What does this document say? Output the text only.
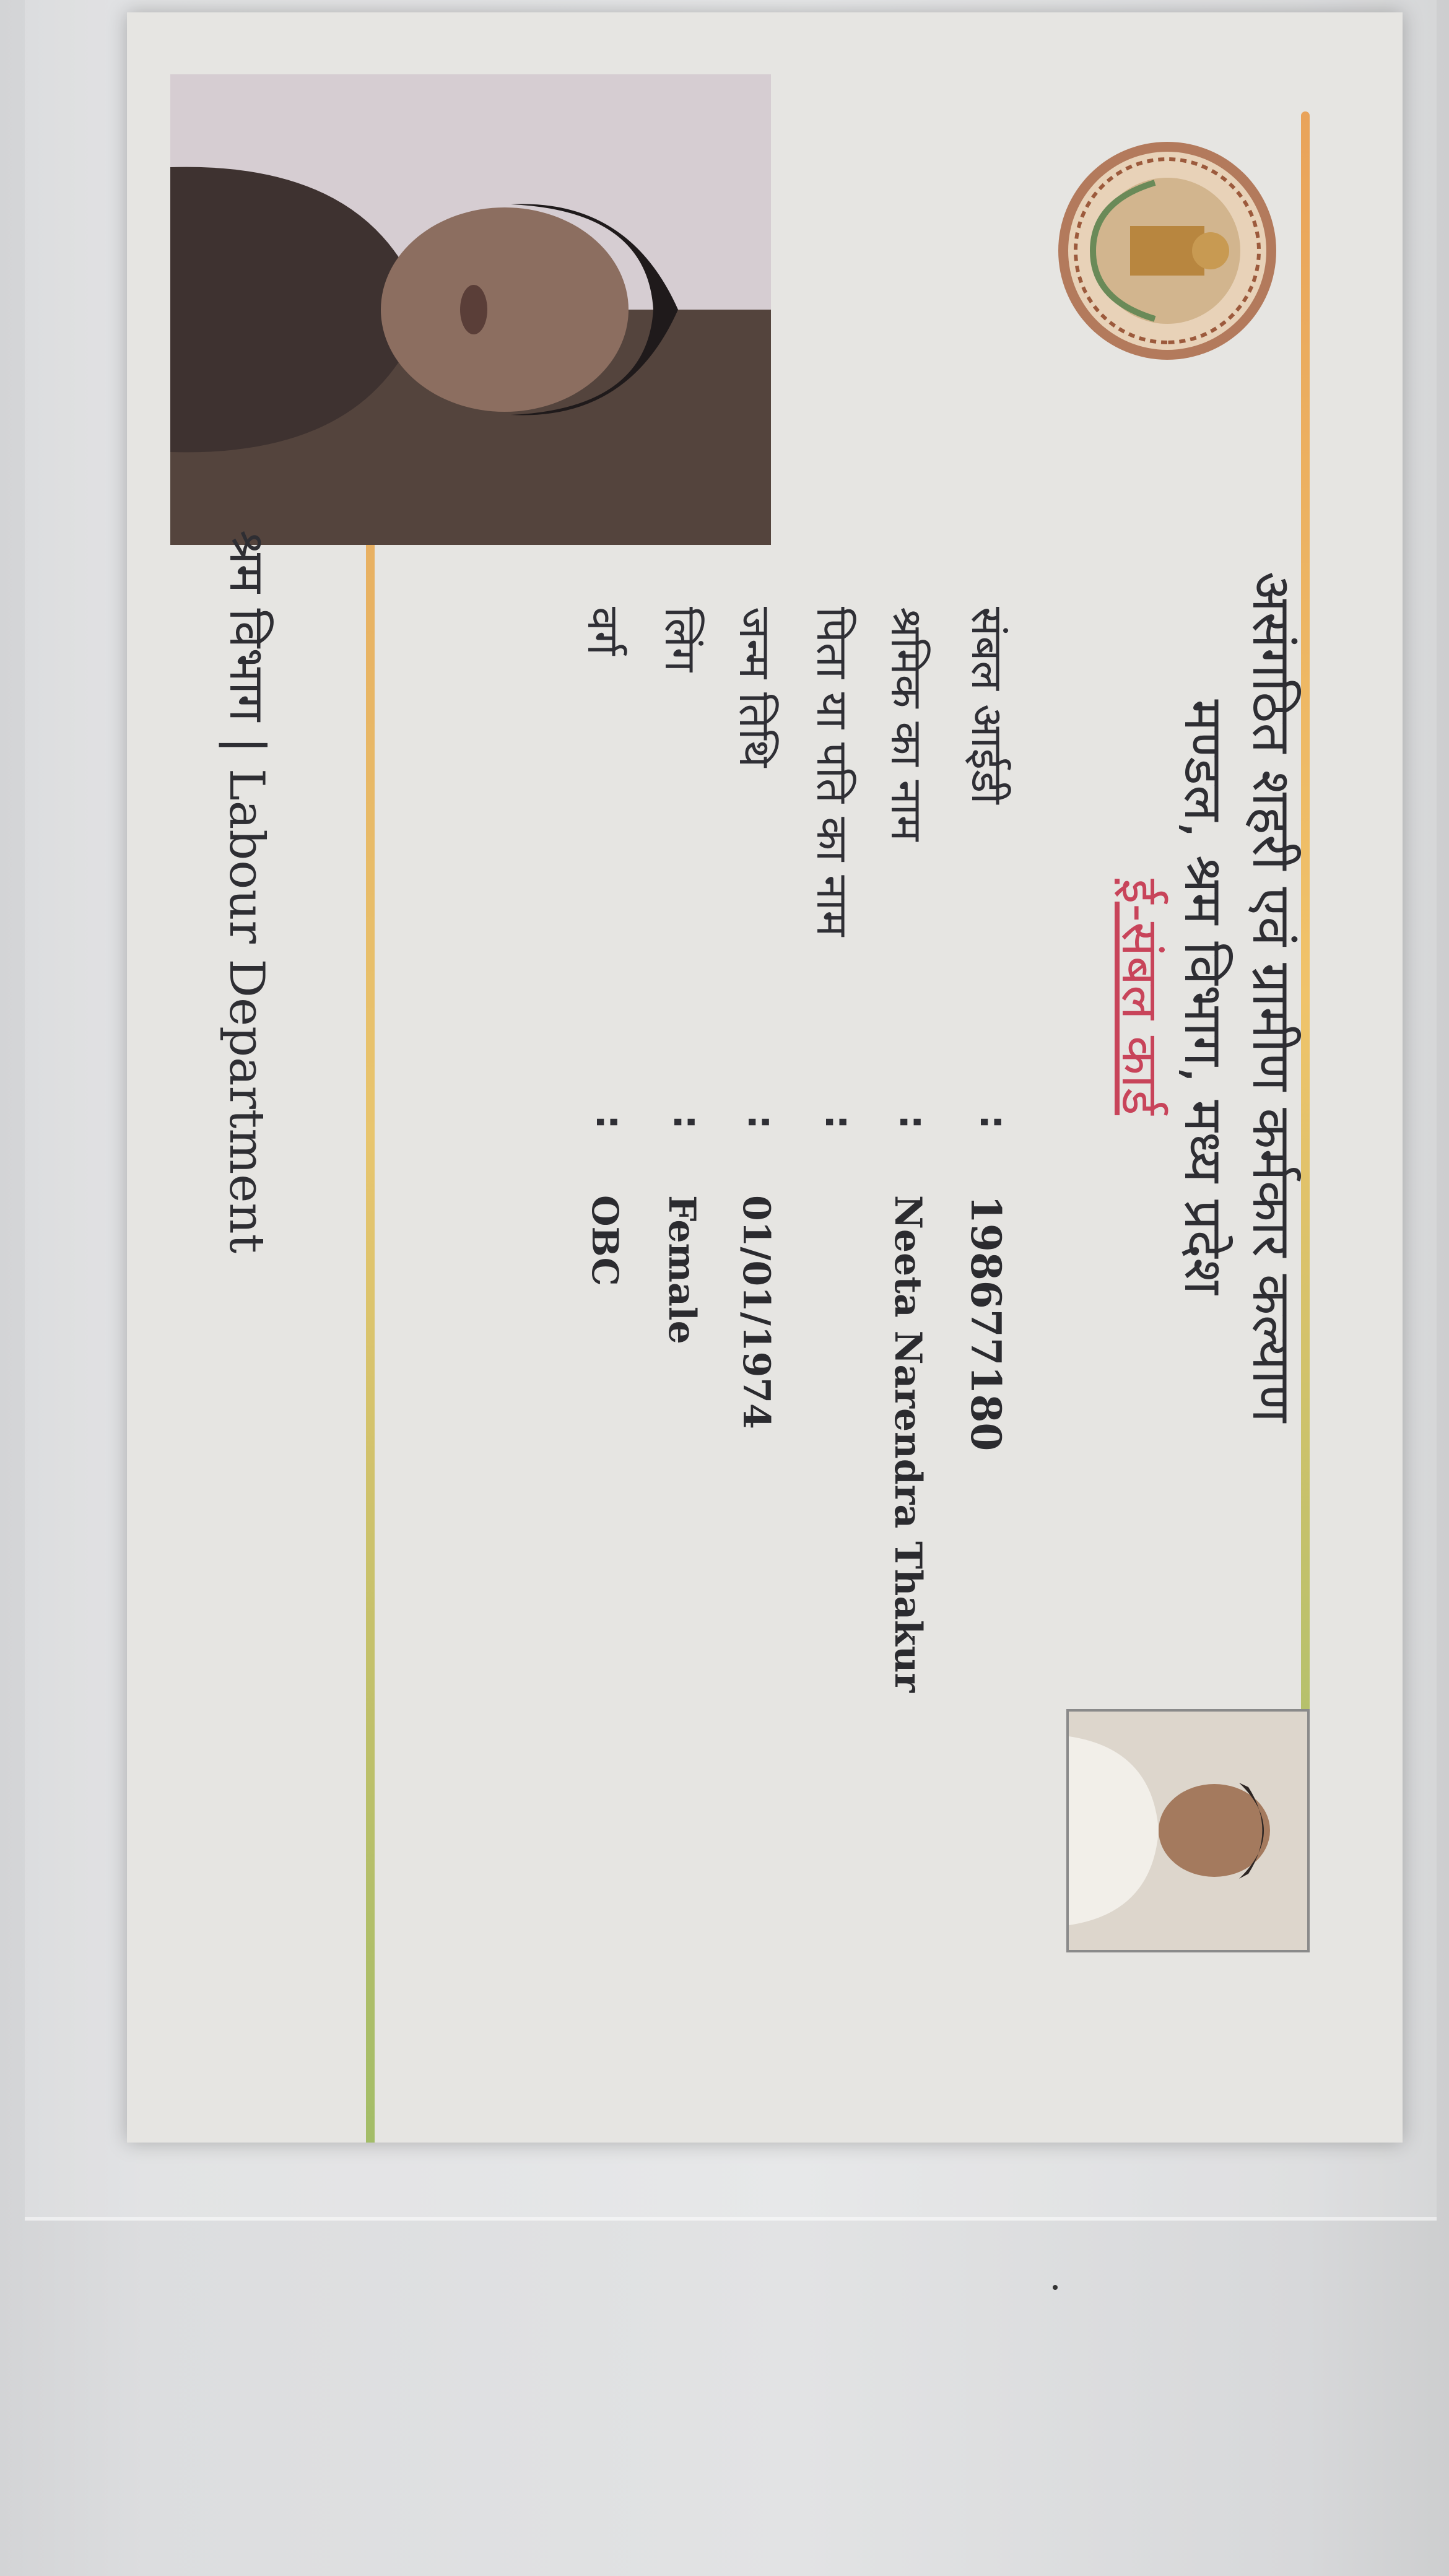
असंगठित शहरी एवं ग्रामीण कर्मकार कल्याण
मण्डल, श्रम विभाग, मध्य प्रदेश
ई-संबल कार्ड
संबल आईडी
:
198677180
श्रमिक का नाम
:
Neeta Narendra Thakur
पिता या पति का नाम
:
जन्म तिथि
:
01/01/1974
लिंग
:
Female
वर्ग
:
OBC
श्रम विभाग | Labour Department
